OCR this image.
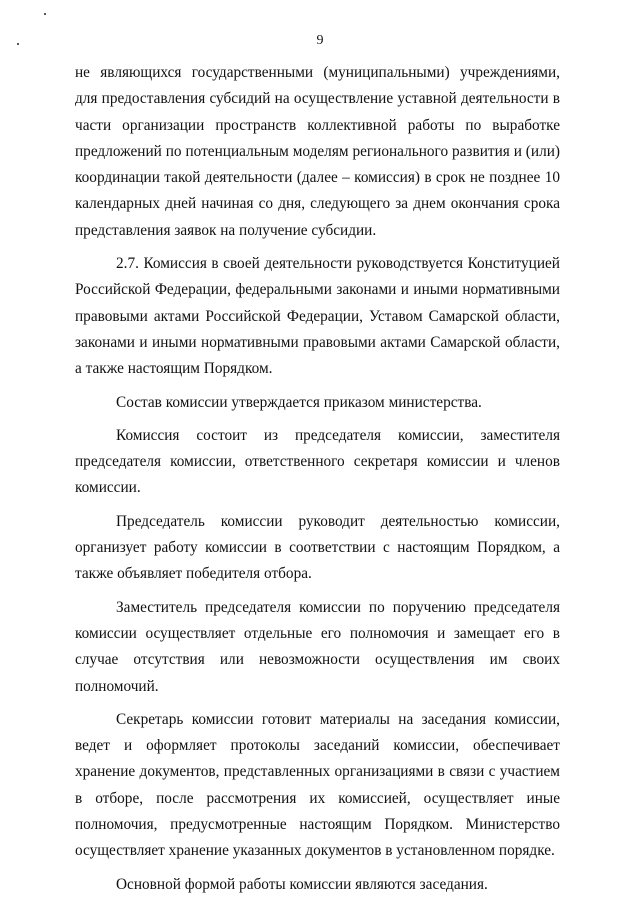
9

не являющихся государственными (муниципальными) учреждениями, для предоставления субсидий на осуществление уставной деятельности в части организации пространств коллективной работы по выработке предложений по потенциальным моделям регионального развития и (или) координации такой деятельности (далее – комиссия) в срок не позднее 10 календарных дней начиная со дня, следующего за днем окончания срока представления заявок на получение субсидии.

2.7. Комиссия в своей деятельности руководствуется Конституцией Российской Федерации, федеральными законами и иными нормативными правовыми актами Российской Федерации, Уставом Самарской области, законами и иными нормативными правовыми актами Самарской области, а также настоящим Порядком.

Состав комиссии утверждается приказом министерства.

Комиссия состоит из председателя комиссии, заместителя председателя комиссии, ответственного секретаря комиссии и членов комиссии.

Председатель комиссии руководит деятельностью комиссии, организует работу комиссии в соответствии с настоящим Порядком, а также объявляет победителя отбора.

Заместитель председателя комиссии по поручению председателя комиссии осуществляет отдельные его полномочия и замещает его в случае отсутствия или невозможности осуществления им своих полномочий.

Секретарь комиссии готовит материалы на заседания комиссии, ведет и оформляет протоколы заседаний комиссии, обеспечивает хранение документов, представленных организациями в связи с участием в отборе, после рассмотрения их комиссией, осуществляет иные полномочия, предусмотренные настоящим Порядком. Министерство осуществляет хранение указанных документов в установленном порядке.

Основной формой работы комиссии являются заседания.
